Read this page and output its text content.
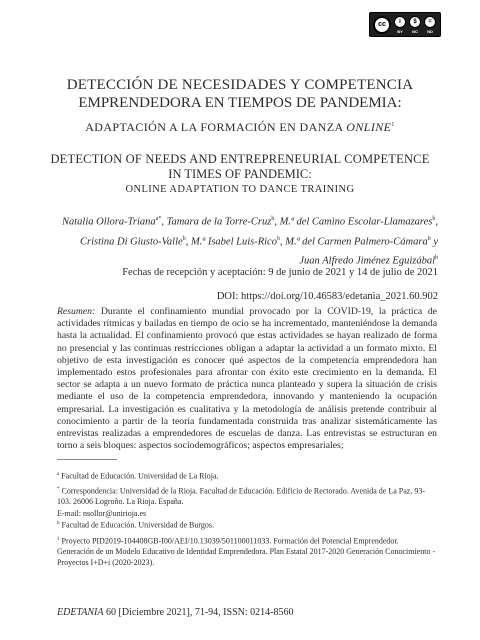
cc	i
BY
$
NC
=
ND
DETECCIÓN DE NECESIDADES Y COMPETENCIA
EMPRENDEDORA EN TIEMPOS DE PANDEMIA:
ADAPTACIÓN A LA FORMACIÓN EN DANZA ONLINE$^1$
DETECTION OF NEEDS AND ENTREPRENEURIAL COMPETENCE
IN TIMES OF PANDEMIC:
ONLINE ADAPTATION TO DANCE TRAINING
Natalia Ollora-Triana$^{a*}$, Tamara de la Torre-Cruz$^b$, M.ª del Camino Escolar-Llamazares$^b$, Cristina Di Giusto-Valle$^b$, M.ª Isabel Luis-Rico$^b$, M.ª del Carmen Palmero-Cámara$^b$ y Juan Alfredo Jiménez Eguizábal$^b$
Fechas de recepción y aceptación: 9 de junio de 2021 y 14 de julio de 2021
DOI: https://doi.org/10.46583/edetania_2021.60.902
Resumen: Durante el confinamiento mundial provocado por la COVID-19, la práctica de actividades rítmicas y bailadas en tiempo de ocio se ha incrementado, manteniéndose la demanda hasta la actualidad. El confinamiento provocó que estas actividades se hayan realizado de forma no presencial y las continuas restricciones obligan a adaptar la actividad a un formato mixto. El objetivo de esta investigación es conocer qué aspectos de la competencia emprendedora han implementado estos profesionales para afrontar con éxito este crecimiento en la demanda. El sector se adapta a un nuevo formato de práctica nunca planteado y supera la situación de crisis mediante el uso de la competencia emprendedora, innovando y manteniendo la ocupación empresarial. La investigación es cualitativa y la metodología de análisis pretende contribuir al conocimiento a partir de la teoría fundamentada construida tras analizar sistemáticamente las entrevistas realizadas a emprendedores de escuelas de danza. Las entrevistas se estructuran en torno a seis bloques: aspectos sociodemográficos; aspectos empresariales;
$^a$ Facultad de Educación. Universidad de La Rioja.
* Correspondencia: Universidad de la Rioja. Facultad de Educación. Edificio de Rectorado. Avenida de La Paz, 93-103. 26006 Logroño. La Rioja. España.
E-mail: nsollor@unirioja.es
$^b$ Facultad de Educación. Universidad de Burgos.
$^1$ Proyecto PID2019-104408GB-I00/AEI/10.13039/501100011033. Formación del Potencial Emprendedor. Generación de un Modelo Educativo de Identidad Emprendedora. Plan Estatal 2017-2020 Generación Conocimiento - Proyectos I+D+i (2020-2023).
EDETANIA 60 [Diciembre 2021], 71-94, ISSN: 0214-8560
